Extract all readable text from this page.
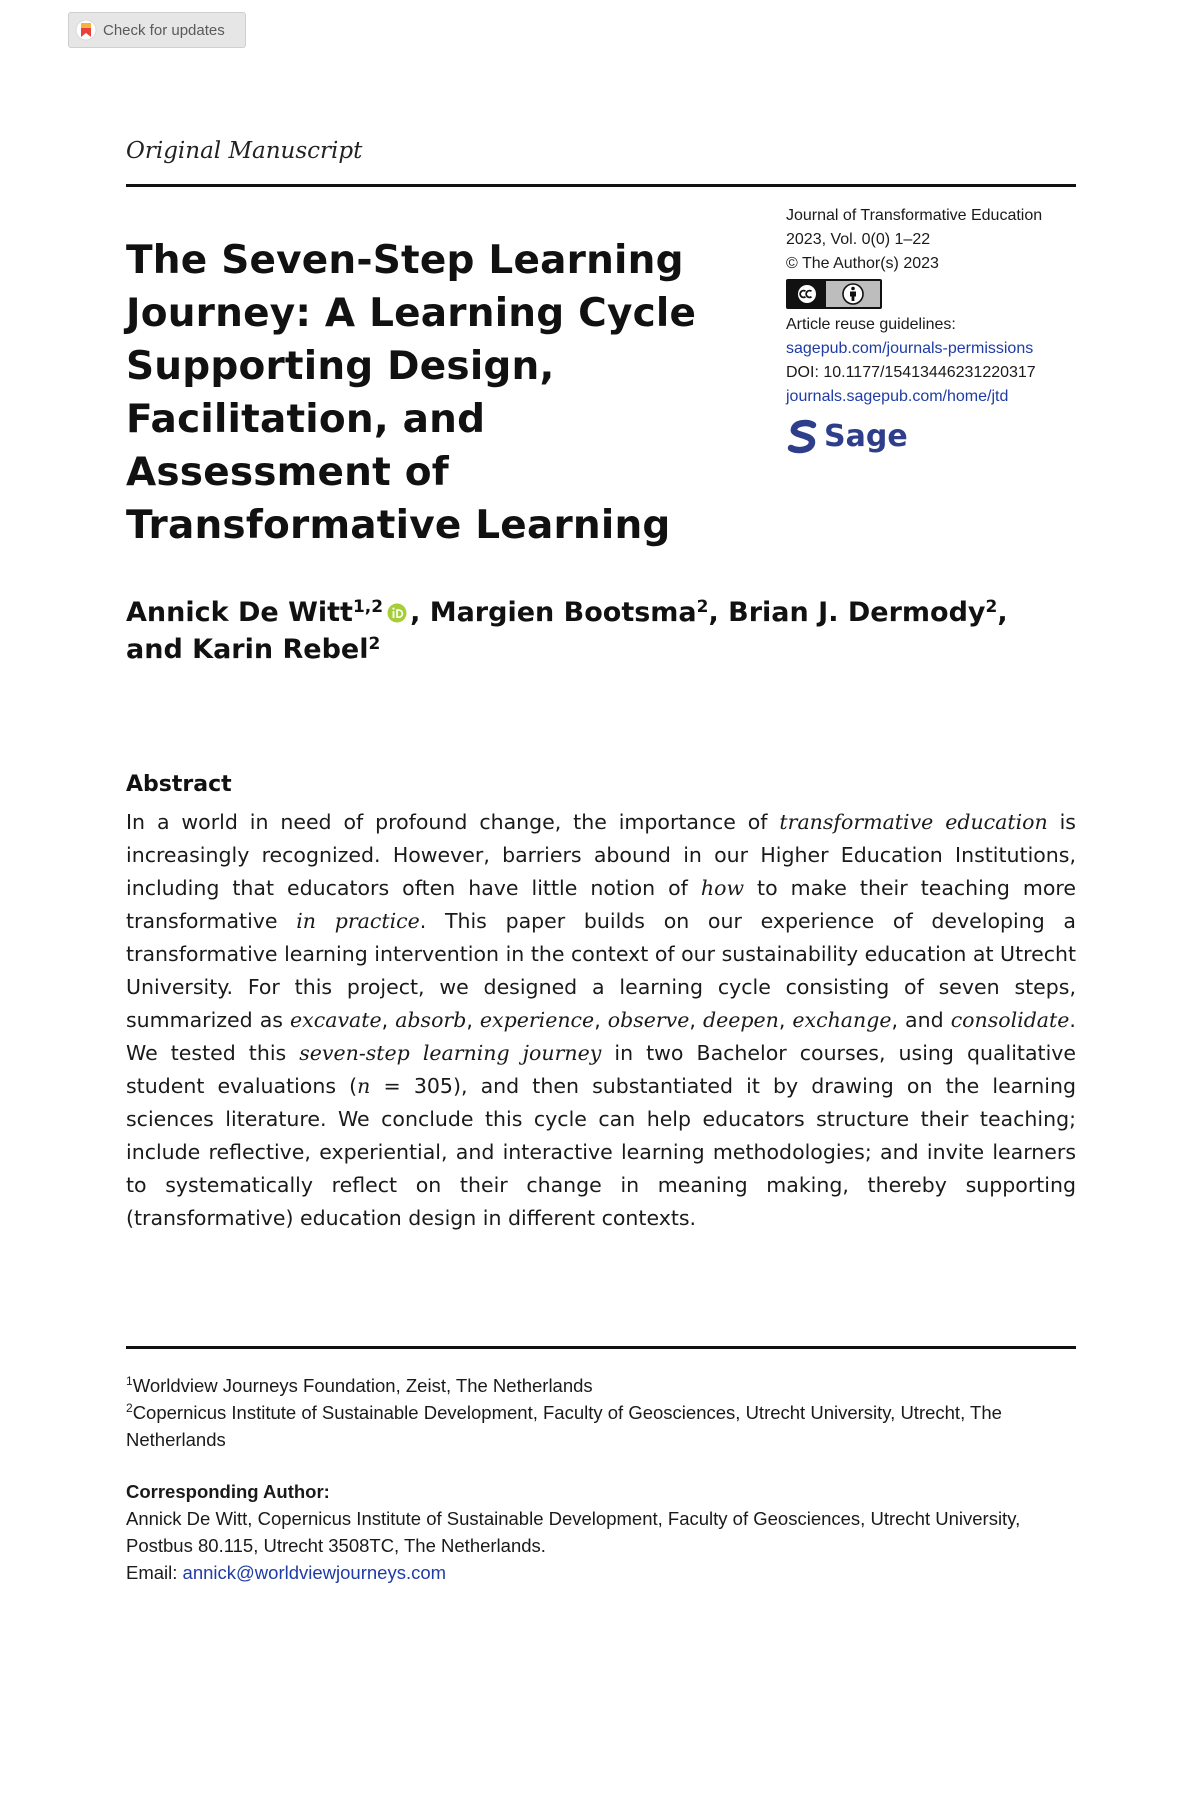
Check for updates
Original Manuscript
The Seven-Step Learning Journey: A Learning Cycle Supporting Design, Facilitation, and Assessment of Transformative Learning
Journal of Transformative Education
2023, Vol. 0(0) 1–22
© The Author(s) 2023
Article reuse guidelines:
sagepub.com/journals-permissions
DOI: 10.1177/15413446231220317
journals.sagepub.com/home/jtd
Sage
Annick De Witt$^{1,2}$ , Margien Bootsma$^2$, Brian J. Dermody$^2$,
and Karin Rebel$^2$
Abstract

In a world in need of profound change, the importance of transformative education is increasingly recognized. However, barriers abound in our Higher Education Institutions, including that educators often have little notion of how to make their teaching more transformative in practice. This paper builds on our experience of developing a transformative learning intervention in the context of our sustainability education at Utrecht University. For this project, we designed a learning cycle consisting of seven steps, summarized as excavate, absorb, experience, observe, deepen, exchange, and consolidate. We tested this seven-step learning journey in two Bachelor courses, using qualitative student evaluations (n = 305), and then substantiated it by drawing on the learning sciences literature. We conclude this cycle can help educators structure their teaching; include reflective, experiential, and interactive learning methodologies; and invite learners to systematically reflect on their change in meaning making, thereby supporting (transformative) education design in different contexts.

$^1$Worldview Journeys Foundation, Zeist, The Netherlands
$^2$Copernicus Institute of Sustainable Development, Faculty of Geosciences, Utrecht University, Utrecht, The Netherlands
Corresponding Author:
Annick De Witt, Copernicus Institute of Sustainable Development, Faculty of Geosciences, Utrecht University, Postbus 80.115, Utrecht 3508TC, The Netherlands.
Email: annick@worldviewjourneys.com
